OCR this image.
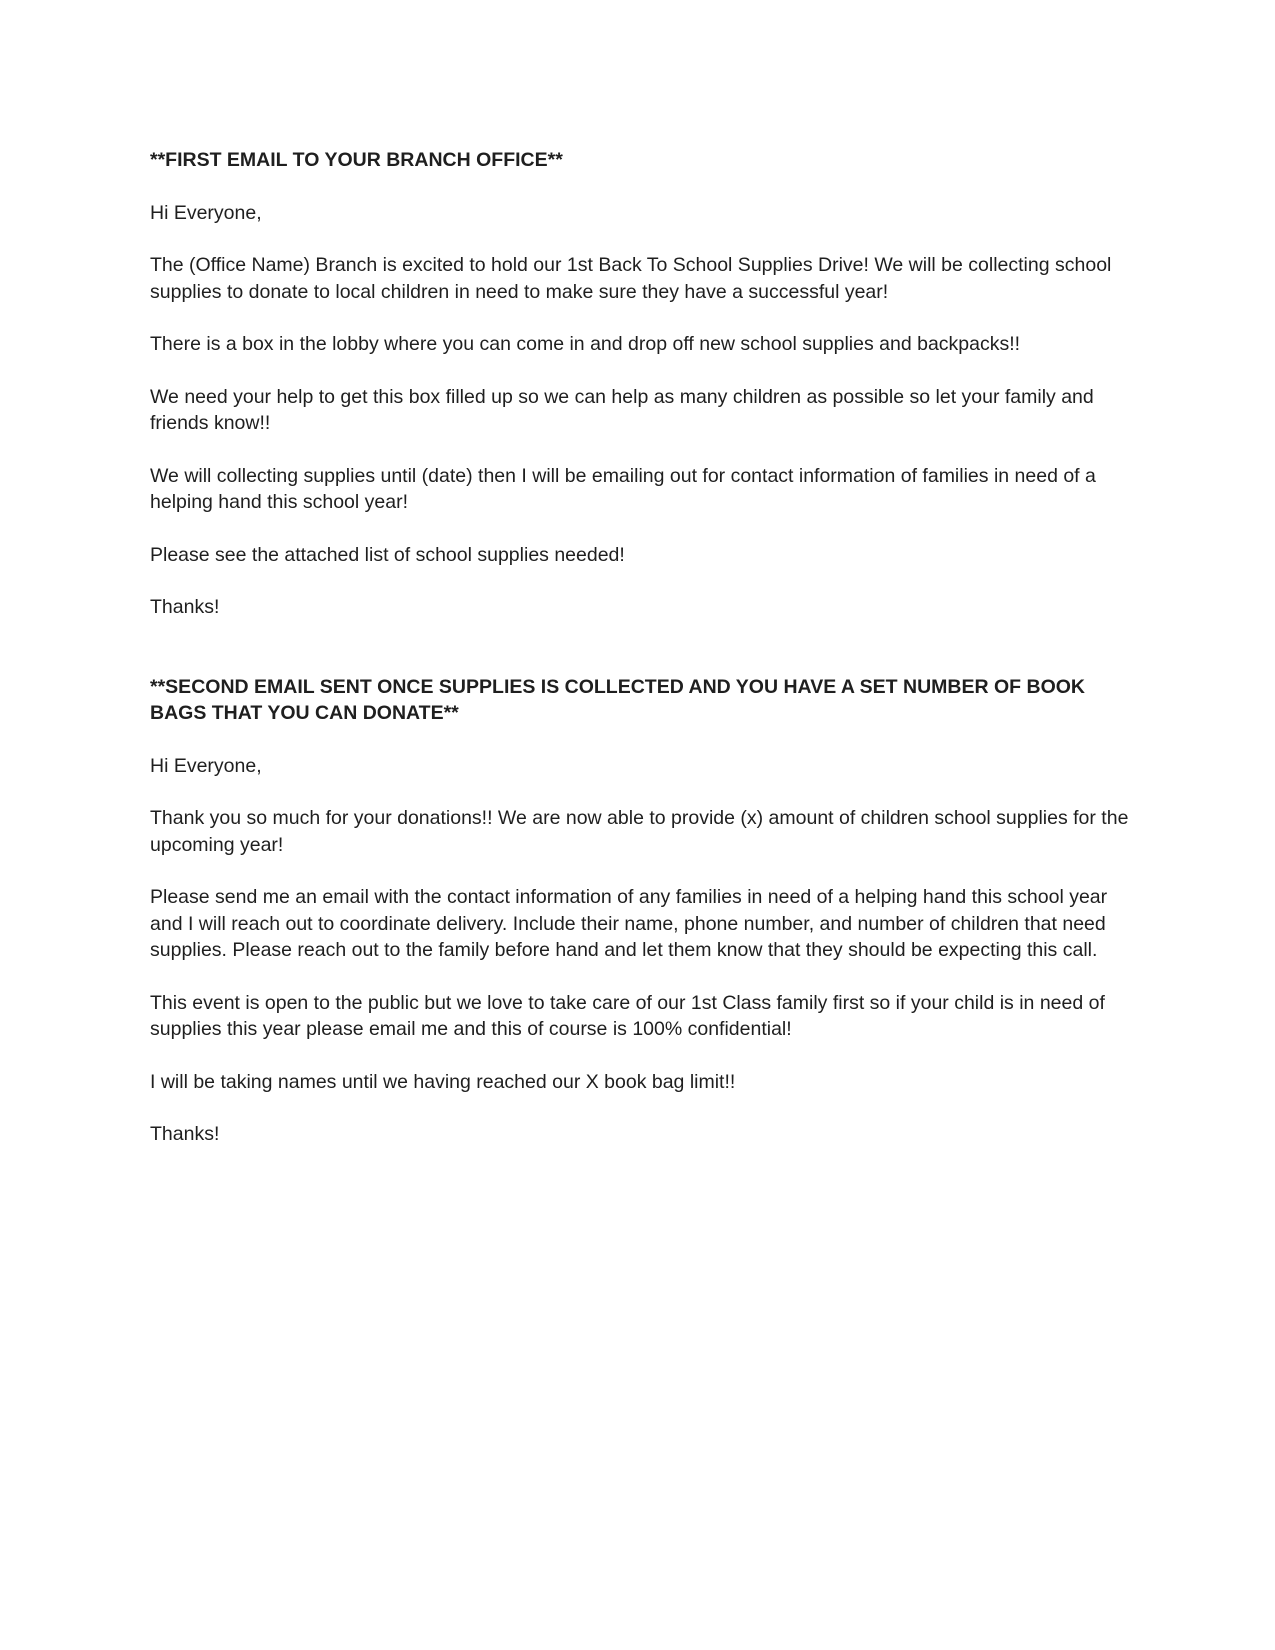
**FIRST EMAIL TO YOUR BRANCH OFFICE**

Hi Everyone,

The (Office Name) Branch is excited to hold our 1st Back To School Supplies Drive! We will be collecting school supplies to donate to local children in need to make sure they have a successful year!

There is a box in the lobby where you can come in and drop off new school supplies and backpacks!!

We need your help to get this box filled up so we can help as many children as possible so let your family and friends know!!

We will collecting supplies until (date) then I will be emailing out for contact information of families in need of a helping hand this school year!

Please see the attached list of school supplies needed!

Thanks!

**SECOND EMAIL SENT ONCE SUPPLIES IS COLLECTED AND YOU HAVE A SET NUMBER OF BOOK BAGS THAT YOU CAN DONATE**

Hi Everyone,

Thank you so much for your donations!! We are now able to provide (x) amount of children school supplies for the upcoming year!

Please send me an email with the contact information of any families in need of a helping hand this school year and I will reach out to coordinate delivery. Include their name, phone number, and number of children that need supplies. Please reach out to the family before hand and let them know that they should be expecting this call.

This event is open to the public but we love to take care of our 1st Class family first so if your child is in need of supplies this year please email me and this of course is 100% confidential!

I will be taking names until we having reached our X book bag limit!!

Thanks!
